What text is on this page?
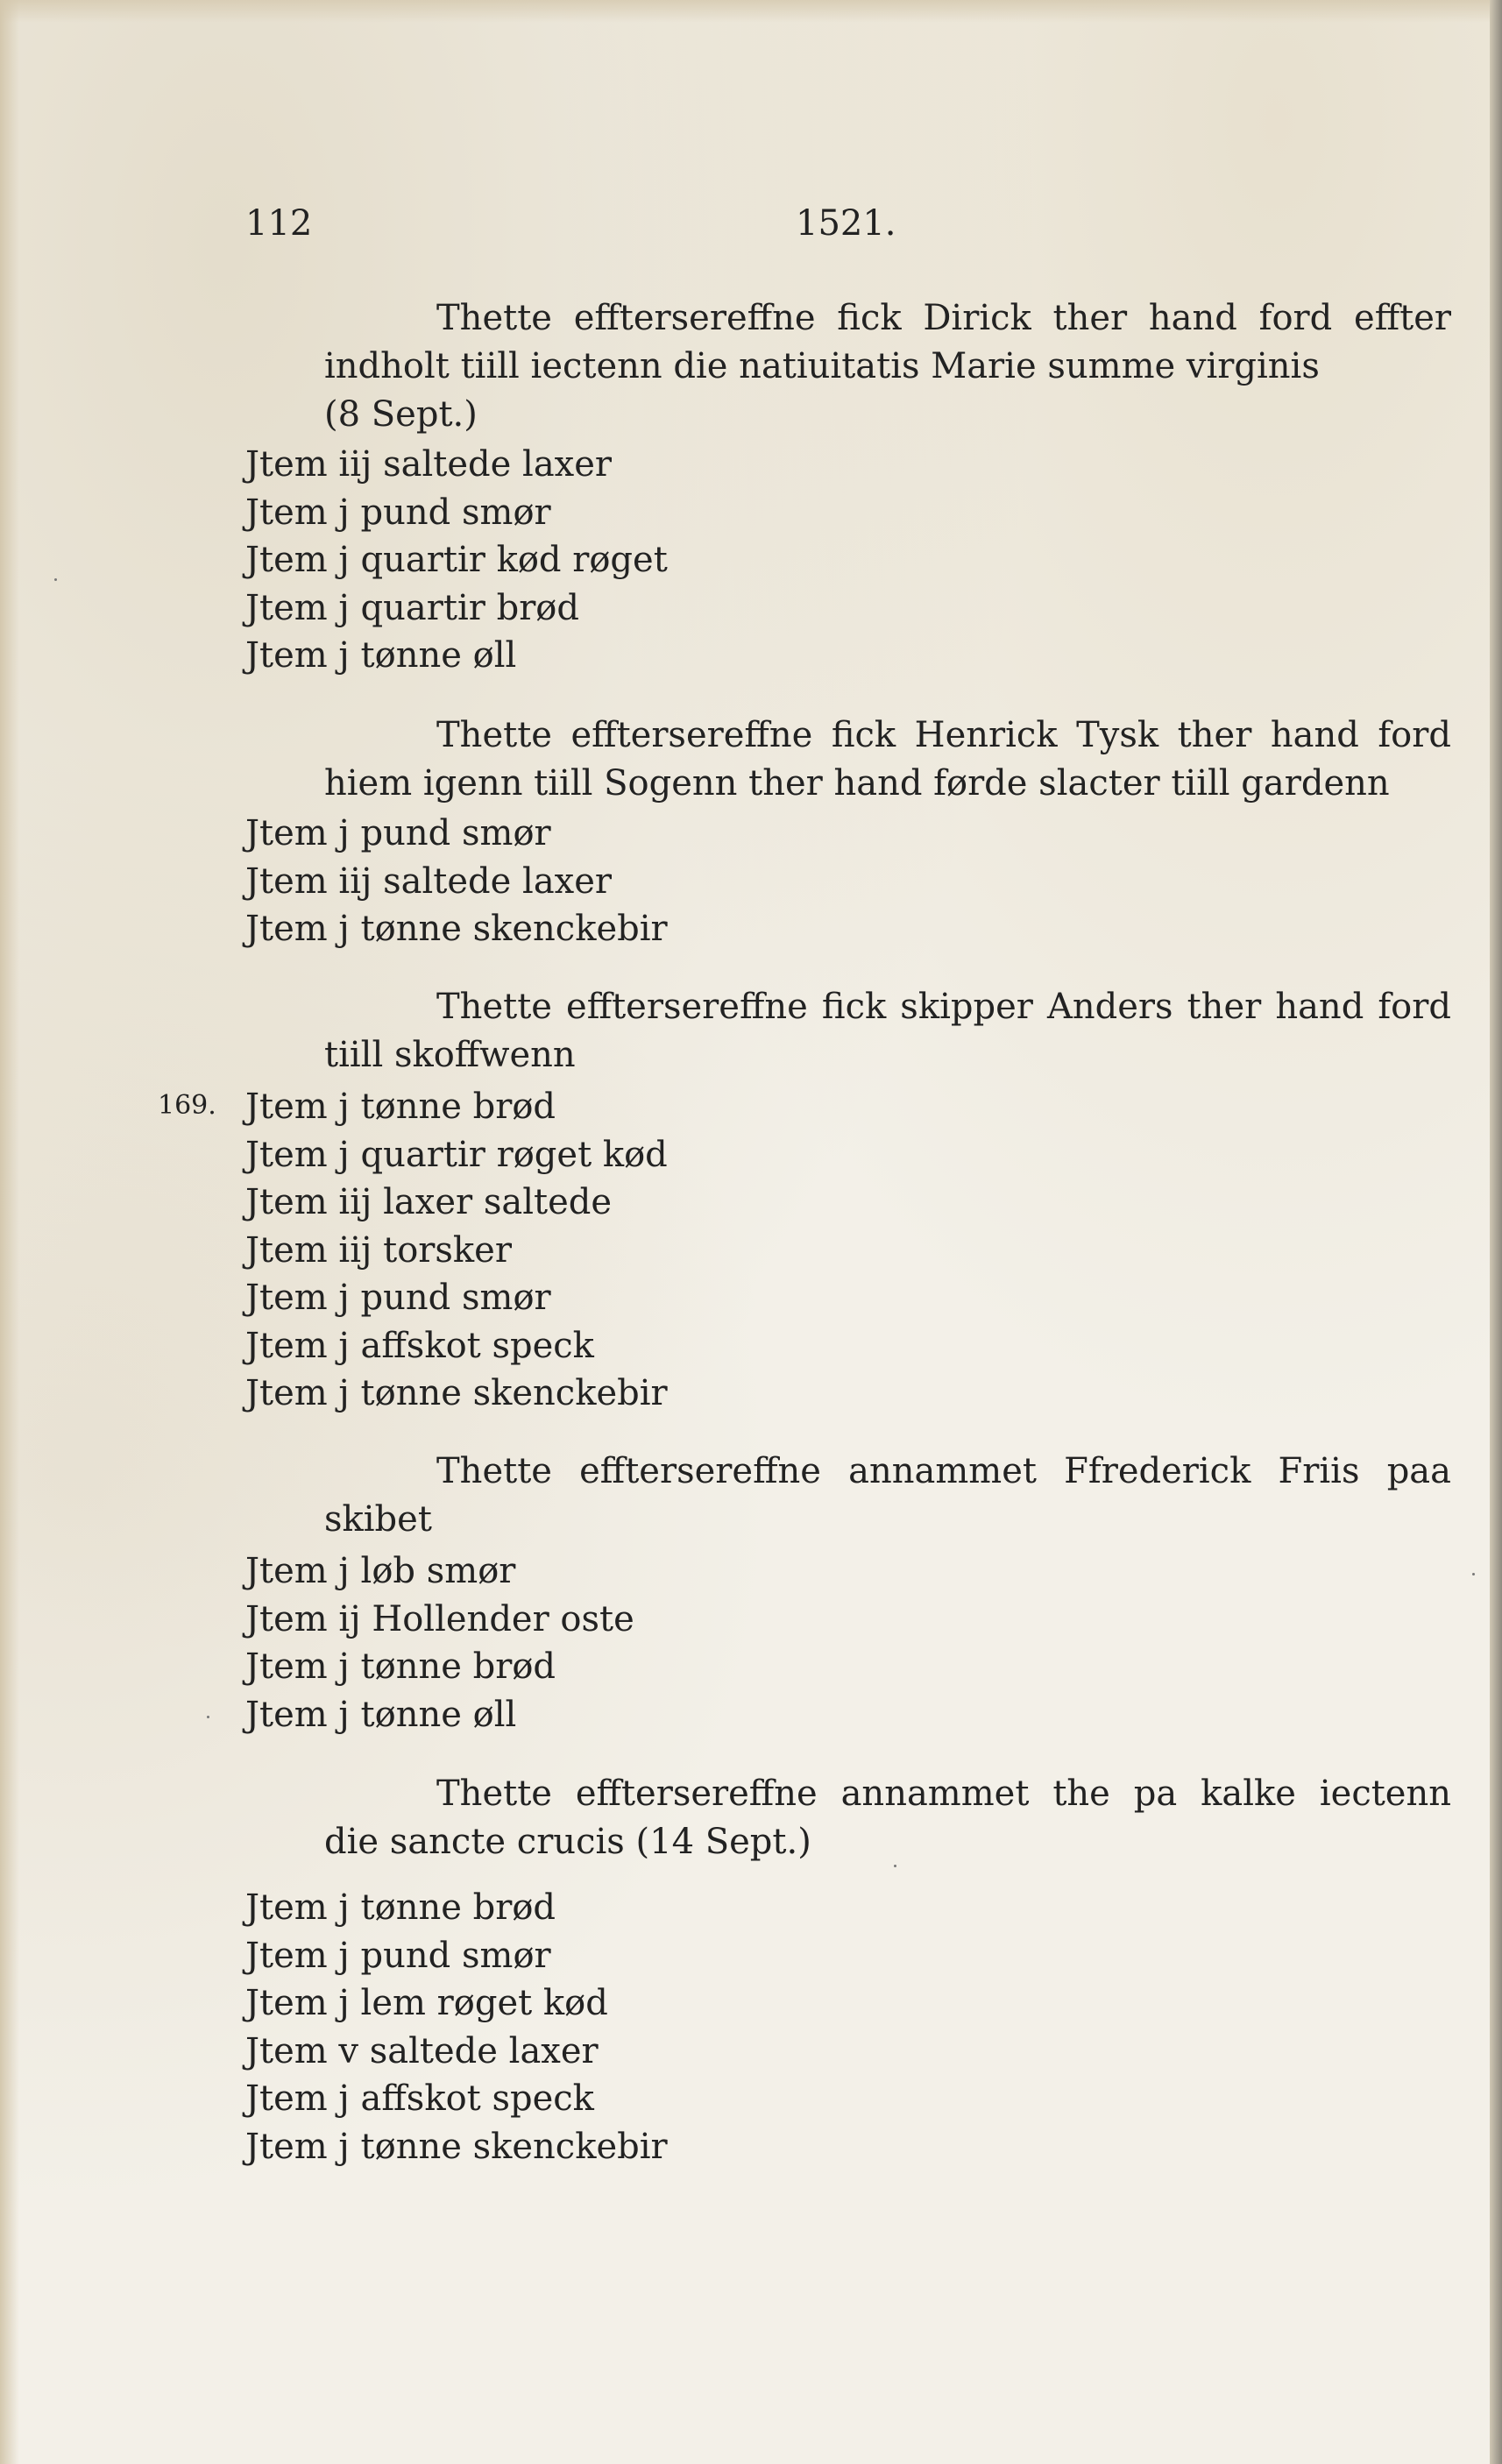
112	1521.
Thette efftersereffne fick Dirick ther hand ford effter
indholt tiill iectenn die natiuitatis Marie summe virginis
(8 Sept.)
Jtem iij saltede laxer
Jtem j pund smør
Jtem j quartir kød røget
Jtem j quartir brød
Jtem j tønne øll
Thette efftersereffne fick Henrick Tysk ther hand ford
hiem igenn tiill Sogenn ther hand førde slacter tiill gardenn
Jtem j pund smør
Jtem iij saltede laxer
Jtem j tønne skenckebir
Thette efftersereffne fick skipper Anders ther hand ford
tiill skoffwenn
169. Jtem j tønne brød
Jtem j quartir røget kød
Jtem iij laxer saltede
Jtem iij torsker
Jtem j pund smør
Jtem j affskot speck
Jtem j tønne skenckebir
Thette efftersereffne annammet Ffrederick Friis paa
skibet
Jtem j løb smør
Jtem ij Hollender oste
Jtem j tønne brød
Jtem j tønne øll
Thette efftersereffne annammet the pa kalke iectenn
die sancte crucis (14 Sept.)
Jtem j tønne brød
Jtem j pund smør
Jtem j lem røget kød
Jtem v saltede laxer
Jtem j affskot speck
Jtem j tønne skenckebir
